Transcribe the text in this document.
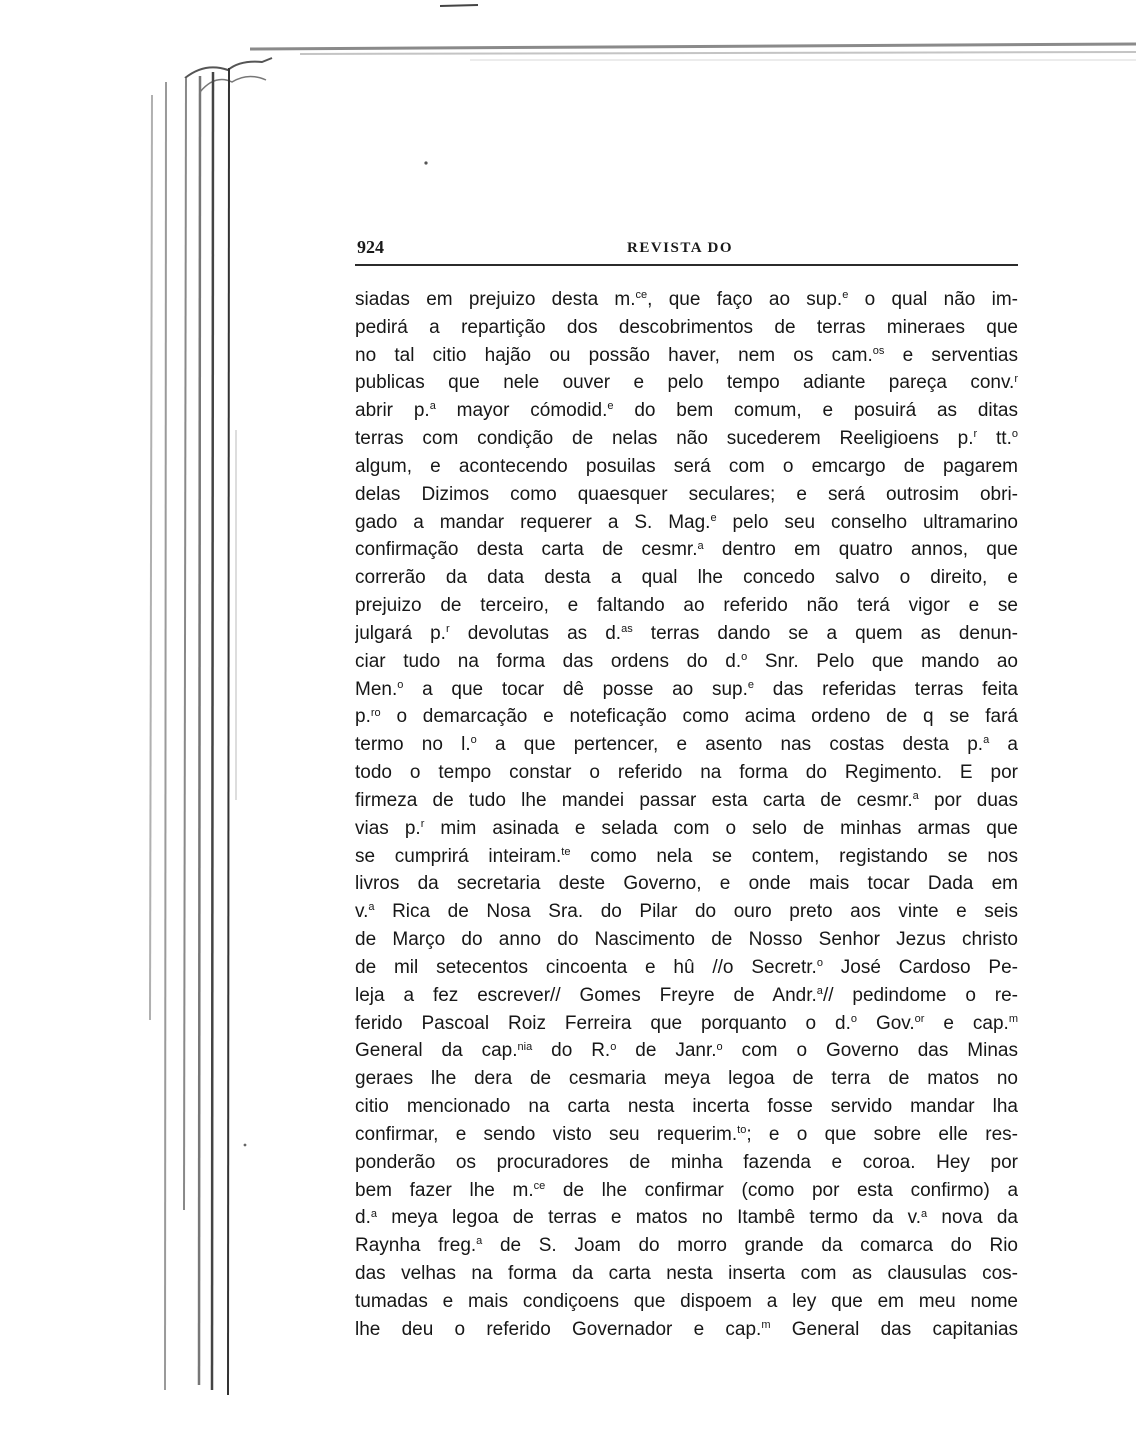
924	REVISTA DO
siadas em prejuizo desta m.$^{ce}$, que faço ao sup.$^e$ o qual não im-
pedirá a repartição dos descobrimentos de terras mineraes que
no tal citio hajão ou possão haver, nem os cam.$^{os}$ e serventias
publicas que nele ouver e pelo tempo adiante pareça conv.$^r$
abrir p.$^a$ mayor cómodid.$^e$ do bem comum, e posuirá as ditas
terras com condição de nelas não sucederem Reeligioens p.$^r$ tt.$^o$
algum, e acontecendo posuilas será com o emcargo de pagarem
delas Dizimos como quaesquer seculares; e será outrosim obri-
gado a mandar requerer a S. Mag.$^e$ pelo seu conselho ultramarino
confirmação desta carta de cesmr.$^a$ dentro em quatro annos, que
correrão da data desta a qual lhe concedo salvo o direito, e
prejuizo de terceiro, e faltando ao referido não terá vigor e se
julgará p.$^r$ devolutas as d.$^{as}$ terras dando se a quem as denun-
ciar tudo na forma das ordens do d.$^o$ Snr. Pelo que mando ao
Men.$^o$ a que tocar dê posse ao sup.$^e$ das referidas terras feita
p.$^{ro}$ o demarcação e noteficação como acima ordeno de q se fará
termo no l.$^o$ a que pertencer, e asento nas costas desta p.$^a$ a
todo o tempo constar o referido na forma do Regimento. E por
firmeza de tudo lhe mandei passar esta carta de cesmr.$^a$ por duas
vias p.$^r$ mim asinada e selada com o selo de minhas armas que
se cumprirá inteiram.$^{te}$ como nela se contem, registando se nos
livros da secretaria deste Governo, e onde mais tocar Dada em
v.$^a$ Rica de Nosa Sra. do Pilar do ouro preto aos vinte e seis
de Março do anno do Nascimento de Nosso Senhor Jezus christo
de mil setecentos cincoenta e hû //o Secretr.$^o$ José Cardoso Pe-
leja a fez escrever// Gomes Freyre de Andr.$^a$// pedindome o re-
ferido Pascoal Roiz Ferreira que porquanto o d.$^o$ Gov.$^{or}$ e cap.$^m$
General da cap.$^{nia}$ do R.$^o$ de Janr.$^o$ com o Governo das Minas
geraes lhe dera de cesmaria meya legoa de terra de matos no
citio mencionado na carta nesta incerta fosse servido mandar lha
confirmar, e sendo visto seu requerim.$^{to}$; e o que sobre elle res-
ponderão os procuradores de minha fazenda e coroa. Hey por
bem fazer lhe m.$^{ce}$ de lhe confirmar (como por esta confirmo) a
d.$^a$ meya legoa de terras e matos no Itambê termo da v.$^a$ nova da
Raynha freg.$^a$ de S. Joam do morro grande da comarca do Rio
das velhas na forma da carta nesta inserta com as clausulas cos-
tumadas e mais condiçoens que dispoem a ley que em meu nome
lhe deu o referido Governador e cap.$^m$ General das capitanias
